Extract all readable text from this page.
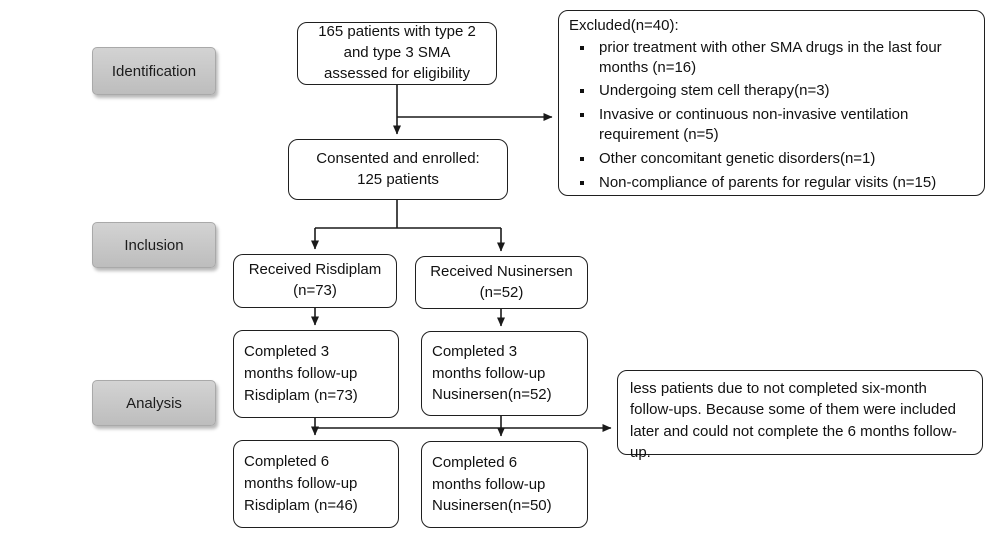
Identification
Inclusion
Analysis
165 patients with type 2
and type 3 SMA
assessed for eligibility
Excluded(n=40):
▪ prior treatment with other SMA drugs in the last four months (n=16)
▪ Undergoing stem cell therapy(n=3)
▪ Invasive or continuous non-invasive ventilation requirement (n=5)
▪ Other concomitant genetic disorders(n=1)
▪ Non-compliance of parents for regular visits (n=15)
Consented and enrolled:
125 patients
Received Risdiplam
(n=73)
Received Nusinersen
(n=52)
Completed 3
months follow-up
Risdiplam (n=73)
Completed 3
months follow-up
Nusinersen(n=52)	less patients due to not completed six-month follow-ups. Because some of them were included later and could not complete the 6 months follow-up.
Completed 6
months follow-up
Risdiplam (n=46)
Completed 6
months follow-up
Nusinersen(n=50)
